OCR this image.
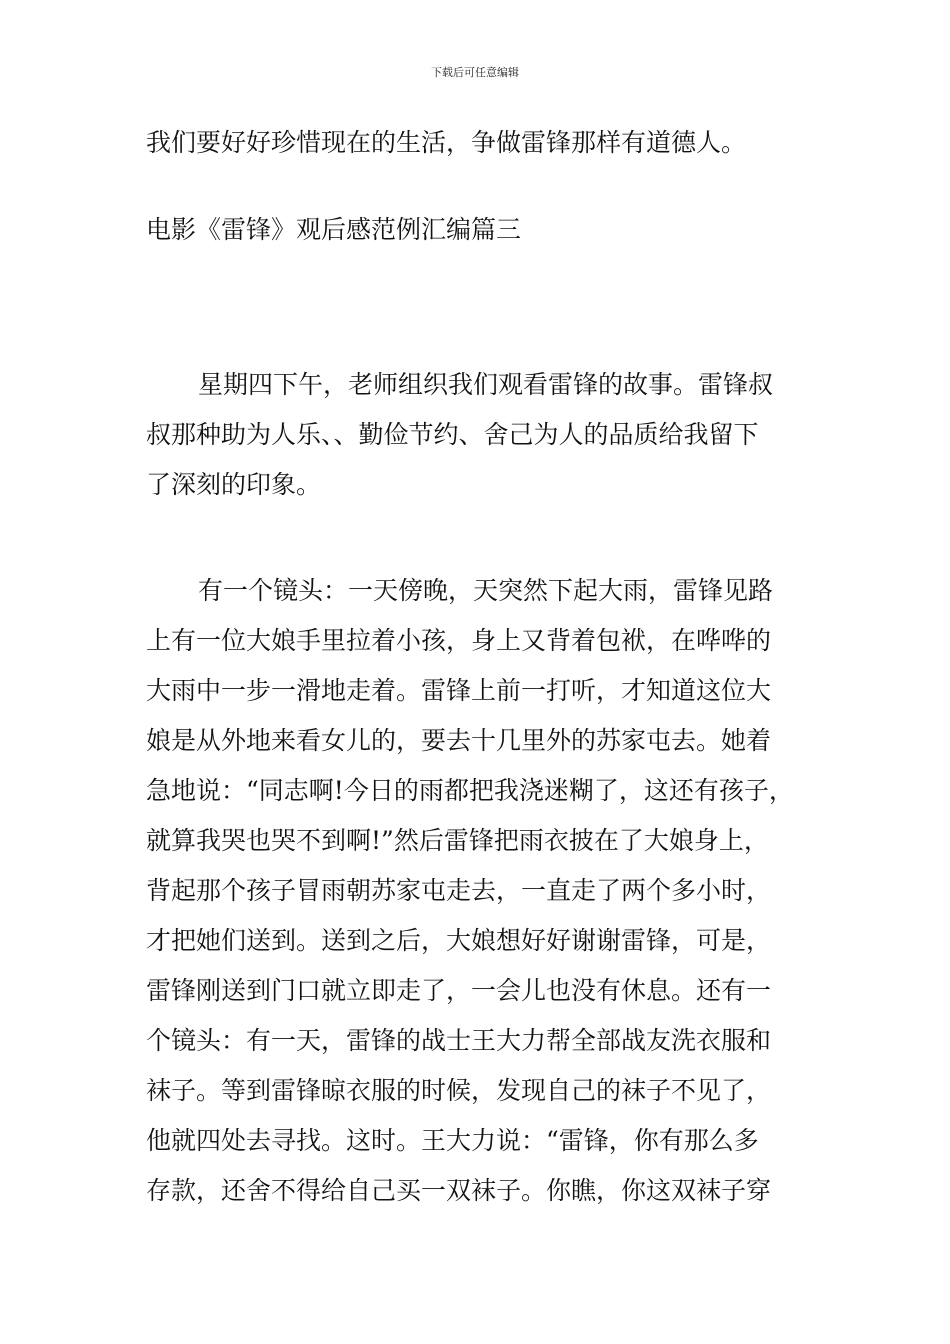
下载后可任意编辑
我们要好好珍惜现在的生活，争做雷锋那样有道德人。
电影《雷锋》观后感范例汇编篇三
星期四下午，老师组织我们观看雷锋的故事。雷锋叔
叔那种助为人乐、、勤俭节约、舍己为人的品质给我留下
了深刻的印象。
有一个镜头：一天傍晚，天突然下起大雨，雷锋见路
上有一位大娘手里拉着小孩，身上又背着包袱，在哗哗的
大雨中一步一滑地走着。雷锋上前一打听，才知道这位大
娘是从外地来看女儿的，要去十几里外的苏家屯去。她着
急地说：“同志啊!今日的雨都把我浇迷糊了，这还有孩子，
就算我哭也哭不到啊!”然后雷锋把雨衣披在了大娘身上，
背起那个孩子冒雨朝苏家屯走去，一直走了两个多小时，
才把她们送到。送到之后，大娘想好好谢谢雷锋，可是，
雷锋刚送到门口就立即走了，一会儿也没有休息。还有一
个镜头：有一天，雷锋的战士王大力帮全部战友洗衣服和
袜子。等到雷锋晾衣服的时候，发现自己的袜子不见了，
他就四处去寻找。这时。王大力说：“雷锋，你有那么多
存款，还舍不得给自己买一双袜子。你瞧，你这双袜子穿
